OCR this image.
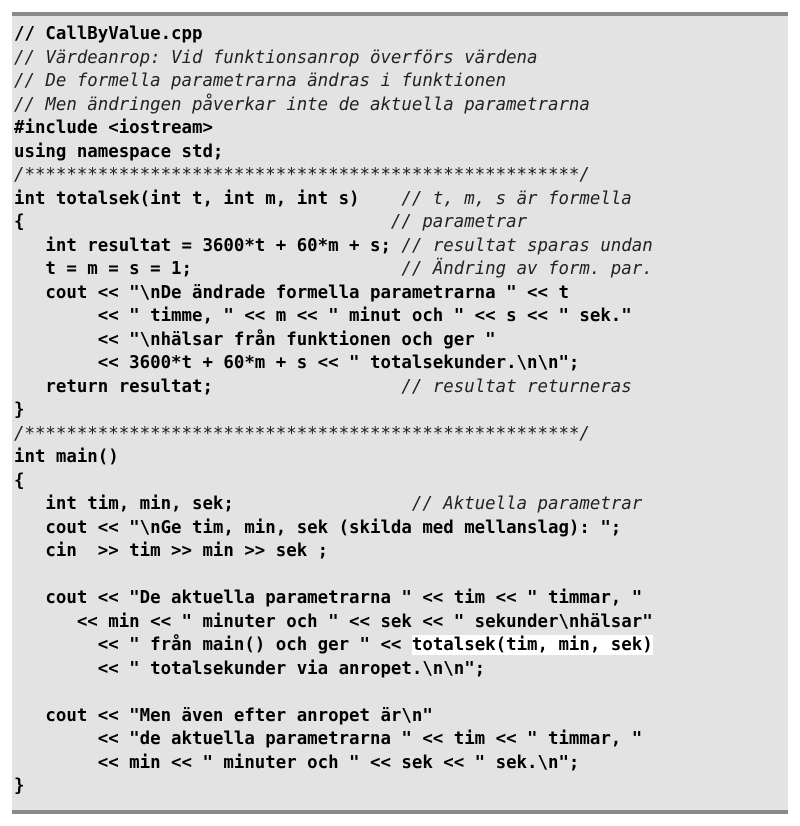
// CallByValue.cpp
// Värdeanrop: Vid funktionsanrop överförs värdena
// De formella parametrarna ändras i funktionen
// Men ändringen påverkar inte de aktuella parametrarna
#include <iostream>
using namespace std;
/*****************************************************/
int totalsek(int t, int m, int s)    // t, m, s är formella
{                                   // parametrar
int resultat = 3600*t + 60*m + s; // resultat sparas undan
t = m = s = 1;                    // Ändring av form. par.
cout << "\nDe ändrade formella parametrarna " << t
<< " timme, " << m << " minut och " << s << " sek."
<< "\nhälsar från funktionen och ger "
<< 3600*t + 60*m + s << " totalsekunder.\n\n";
return resultat;                  // resultat returneras
}
/*****************************************************/
int main()
{
int tim, min, sek;                 // Aktuella parametrar
cout << "\nGe tim, min, sek (skilda med mellanslag): ";
cin  >> tim >> min >> sek ;
cout << "De aktuella parametrarna " << tim << " timmar, "
<< min << " minuter och " << sek << " sekunder\nhälsar"
<< " från main() och ger " << totalsek(tim, min, sek)
<< " totalsekunder via anropet.\n\n";
cout << "Men även efter anropet är\n"
<< "de aktuella parametrarna " << tim << " timmar, "
<< min << " minuter och " << sek << " sek.\n";
}
